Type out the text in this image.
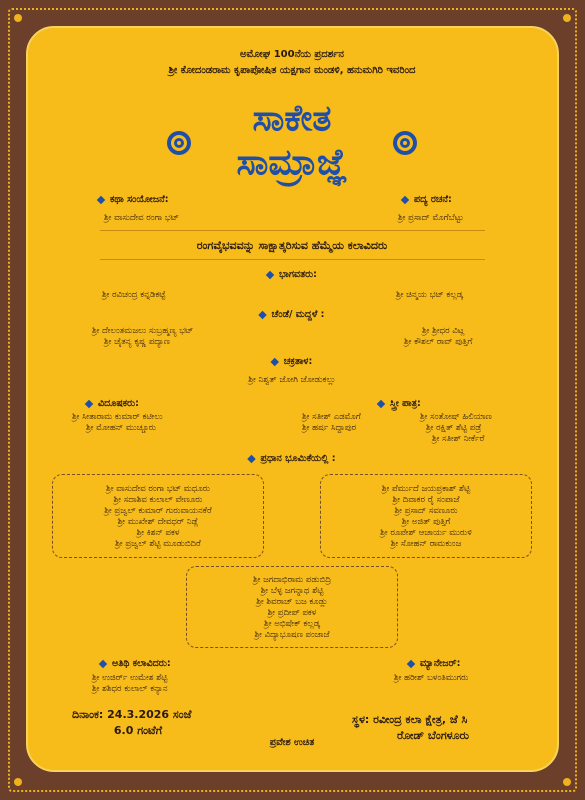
ಅಮೋಘ 100ನೆಯ ಪ್ರದರ್ಶನ
ಶ್ರೀ ಕೋದಂಡರಾಮ ಕೃಪಾಪೋಷಿತ ಯಕ್ಷಗಾನ ಮಂಡಳಿ, ಹನುಮಗಿರಿ ಇವರಿಂದ
ಸಾಕೇತ
ಸಾಮ್ರಾಜ್ಞೆ
ಕಥಾ ಸಂಯೋಜನೆ:
ಶ್ರೀ ವಾಸುದೇವ ರಂಗಾ ಭಟ್
ಪದ್ಯ ರಚನೆ:
ಶ್ರೀ ಪ್ರಸಾದ್ ಮೊಗೆಬೆಟ್ಟು
ರಂಗವೈಭವವನ್ನು ಸಾಕ್ಷಾತ್ಕರಿಸುವ ಹೆಮ್ಮೆಯ ಕಲಾವಿದರು
ಭಾಗವತರು:
ಶ್ರೀ ರವಿಚಂದ್ರ ಕನ್ನಡಿಕಟ್ಟೆ	ಶ್ರೀ ಚಿನ್ಮಯ ಭಟ್ ಕಲ್ಲಡ್ಕ
ಚೆಂಡೆ/ ಮದ್ದಳೆ :
ಶ್ರೀ ದೇಲಂತಮಜಲು ಸುಬ್ರಹ್ಮಣ್ಯ ಭಟ್
ಶ್ರೀ ಚೈತನ್ಯ ಕೃಷ್ಣ ಪದ್ಯಾಣ
ಶ್ರೀ ಶ್ರೀಧರ ವಿಟ್ಲ
ಶ್ರೀ ಕೌಶಲ್ ರಾವ್ ಪುತ್ತಿಗೆ
ಚಕ್ರತಾಳ:
ಶ್ರೀ ನಿಶ್ವತ್ ಜೋಗಿ ಜೋಡುಕಲ್ಲು
ವಿದೂಷಕರು:
ಶ್ರೀ ಸೀತಾರಾಮ ಕುಮಾರ್ ಕಟೀಲು
ಶ್ರೀ ಮೋಹನ್ ಮುಚ್ಚೂರು
ಸ್ತ್ರೀ ಪಾತ್ರ:
ಶ್ರೀ ಸತೀಶ್ ಎಡಮೊಗೆ
ಶ್ರೀ ಹರ್ಷ ಸಿದ್ದಾಪುರ
ಶ್ರೀ ಸಂತೋಷ್ ಹಿಲಿಯಾಣ
ಶ್ರೀ ರಕ್ಷಿತ್ ಶೆಟ್ಟಿ ಪಡ್ರೆ
ಶ್ರೀ ಸತೀಶ್ ನೀರ್ಕೆರೆ
ಪ್ರಧಾನ ಭೂಮಿಕೆಯಲ್ಲಿ :
ಶ್ರೀ ವಾಸುದೇವ ರಂಗಾ ಭಟ್ ಮಧೂರು
ಶ್ರೀ ಸದಾಶಿವ ಕುಲಾಲ್ ವೇಣೂರು
ಶ್ರೀ ಪ್ರಜ್ವಲ್ ಕುಮಾರ್ ಗುರುವಾಯನಕೆರೆ
ಶ್ರೀ ಮುಖೇಶ್ ದೇವಧರ್ ನಿಡ್ಲೆ
ಶ್ರೀ ಕಿಶನ್ ಪಕಳ
ಶ್ರೀ ಪ್ರಜ್ವಲ್ ಶೆಟ್ಟಿ ಮೂಡುಬಿದಿರೆ
ಶ್ರೀ ಪೆರ್ಮುದೆ ಜಯಪ್ರಕಾಶ್ ಶೆಟ್ಟಿ
ಶ್ರೀ ದಿವಾಕರ ರೈ ಸಂಪಾಜೆ
ಶ್ರೀ ಪ್ರಸಾದ್ ಸವಣೂರು
ಶ್ರೀ ಅಜಿತ್ ಪುತ್ತಿಗೆ
ಶ್ರೀ ರೂಪೇಶ್ ಆಚಾರ್ಯ ಮುರುಳಿ
ಶ್ರೀ ಸೋಹನ್ ರಾಮಕುಂಜ
ಶ್ರೀ ಜಗದಾಭಿರಾಮ ಪಡುಬಿದ್ರಿ
ಶ್ರೀ ಬೆಳ್ಳ ಜಗನ್ನಾಥ ಶೆಟ್ಟಿ
ಶ್ರೀ ಶಿವರಾಜ್ ಬಜ ಕೂಡ್ಲು
ಶ್ರೀ ಪ್ರದೀಪ್ ಪಕಳ
ಶ್ರೀ ಅಭಿಷೇಕ್ ಕಲ್ಲಡ್ಕ
ಶ್ರೀ ವಿದ್ಯಾಭೂಷಣ ಪಂಜಾಜೆ
ಅತಿಥಿ ಕಲಾವಿದರು:
ಶ್ರೀ ಉಜಿರ್ರ್ ಉಮೇಶ ಶೆಟ್ಟಿ
ಶ್ರೀ ಶಶಿಧರ ಕುಲಾಲ್ ಕನ್ಯಾನ
ಮ್ಯಾನೇಜರ್:
ಶ್ರೀ ಹರೀಶ್ ಬಳಂತಿಮುಗರು
ದಿನಾಂಕ: 24.3.2026 ಸಂಜೆ
6.0 ಗಂಟೆಗೆ
ಸ್ಥಳ: ರವೀಂದ್ರ ಕಲಾ ಕ್ಷೇತ್ರ, ಜೆ ಸಿ
ರೋಡ್ ಬೆಂಗಳೂರು
ಪ್ರವೇಶ ಉಚಿತ
